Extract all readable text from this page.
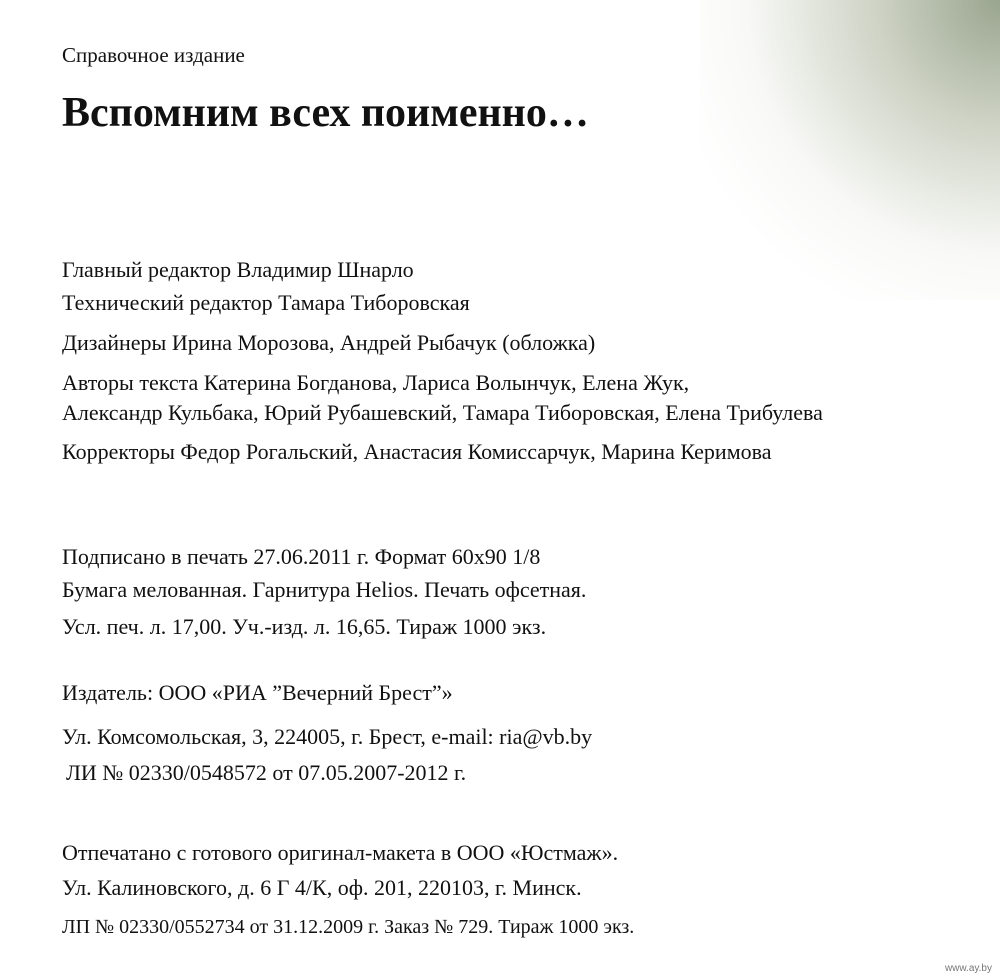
Справочное издание
Вспомним всех поименно…
Главный редактор Владимир Шнарло
Технический редактор Тамара Тиборовская
Дизайнеры Ирина Морозова, Андрей Рыбачук (обложка)
Авторы текста Катерина Богданова, Лариса Волынчук, Елена Жук,
Александр Кульбака, Юрий Рубашевский, Тамара Тиборовская, Елена Трибулева
Корректоры Федор Рогальский, Анастасия Комиссарчук, Марина Керимова
Подписано в печать 27.06.2011 г. Формат 60x90 1/8
Бумага мелованная. Гарнитура Helios. Печать офсетная.
Усл. печ. л. 17,00. Уч.-изд. л. 16,65. Тираж 1000 экз.
Издатель: ООО «РИА ”Вечерний Брест”»
Ул. Комсомольская, 3, 224005, г. Брест, e-mail: ria@vb.by
ЛИ № 02330/0548572 от 07.05.2007-2012 г.
Отпечатано с готового оригинал-макета в ООО «Юстмаж».
Ул. Калиновского, д. 6 Г 4/К, оф. 201, 220103, г. Минск.
ЛП № 02330/0552734 от 31.12.2009 г. Заказ № 729. Тираж 1000 экз.
www.ay.by
